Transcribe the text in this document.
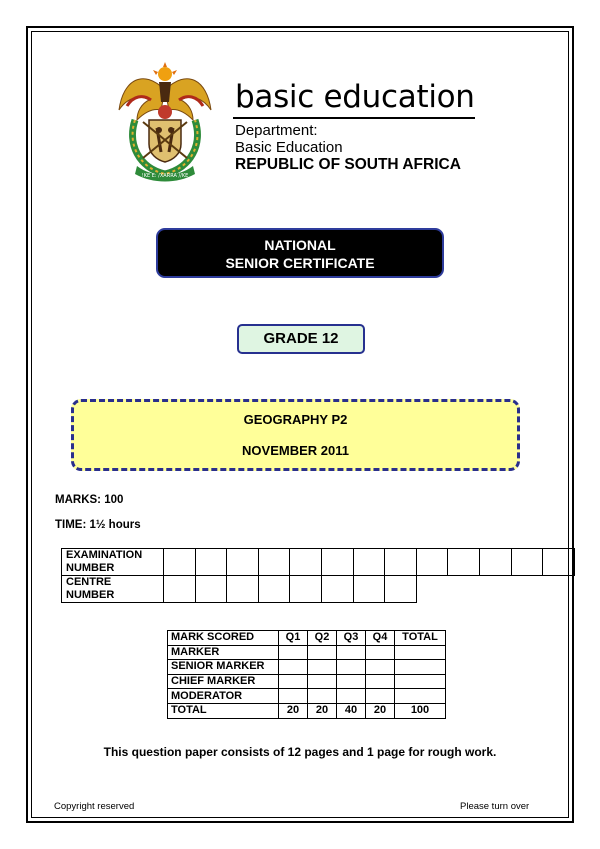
!KE E: /XARRA //KE
basic education
Department:
Basic Education
REPUBLIC OF SOUTH AFRICA
NATIONAL
SENIOR CERTIFICATE
GRADE 12
GEOGRAPHY P2
NOVEMBER 2011
MARKS: 100
TIME: 1½ hours
EXAMINATION
NUMBER													

CENTRE
NUMBER													

MARK SCORED	Q1	Q2	Q3	Q4	TOTAL
MARKER					
SENIOR MARKER					
CHIEF MARKER					
MODERATOR					
TOTAL	20	20	40	20	100
This question paper consists of 12 pages and 1 page for rough work.
Copyright reserved	Please turn over
